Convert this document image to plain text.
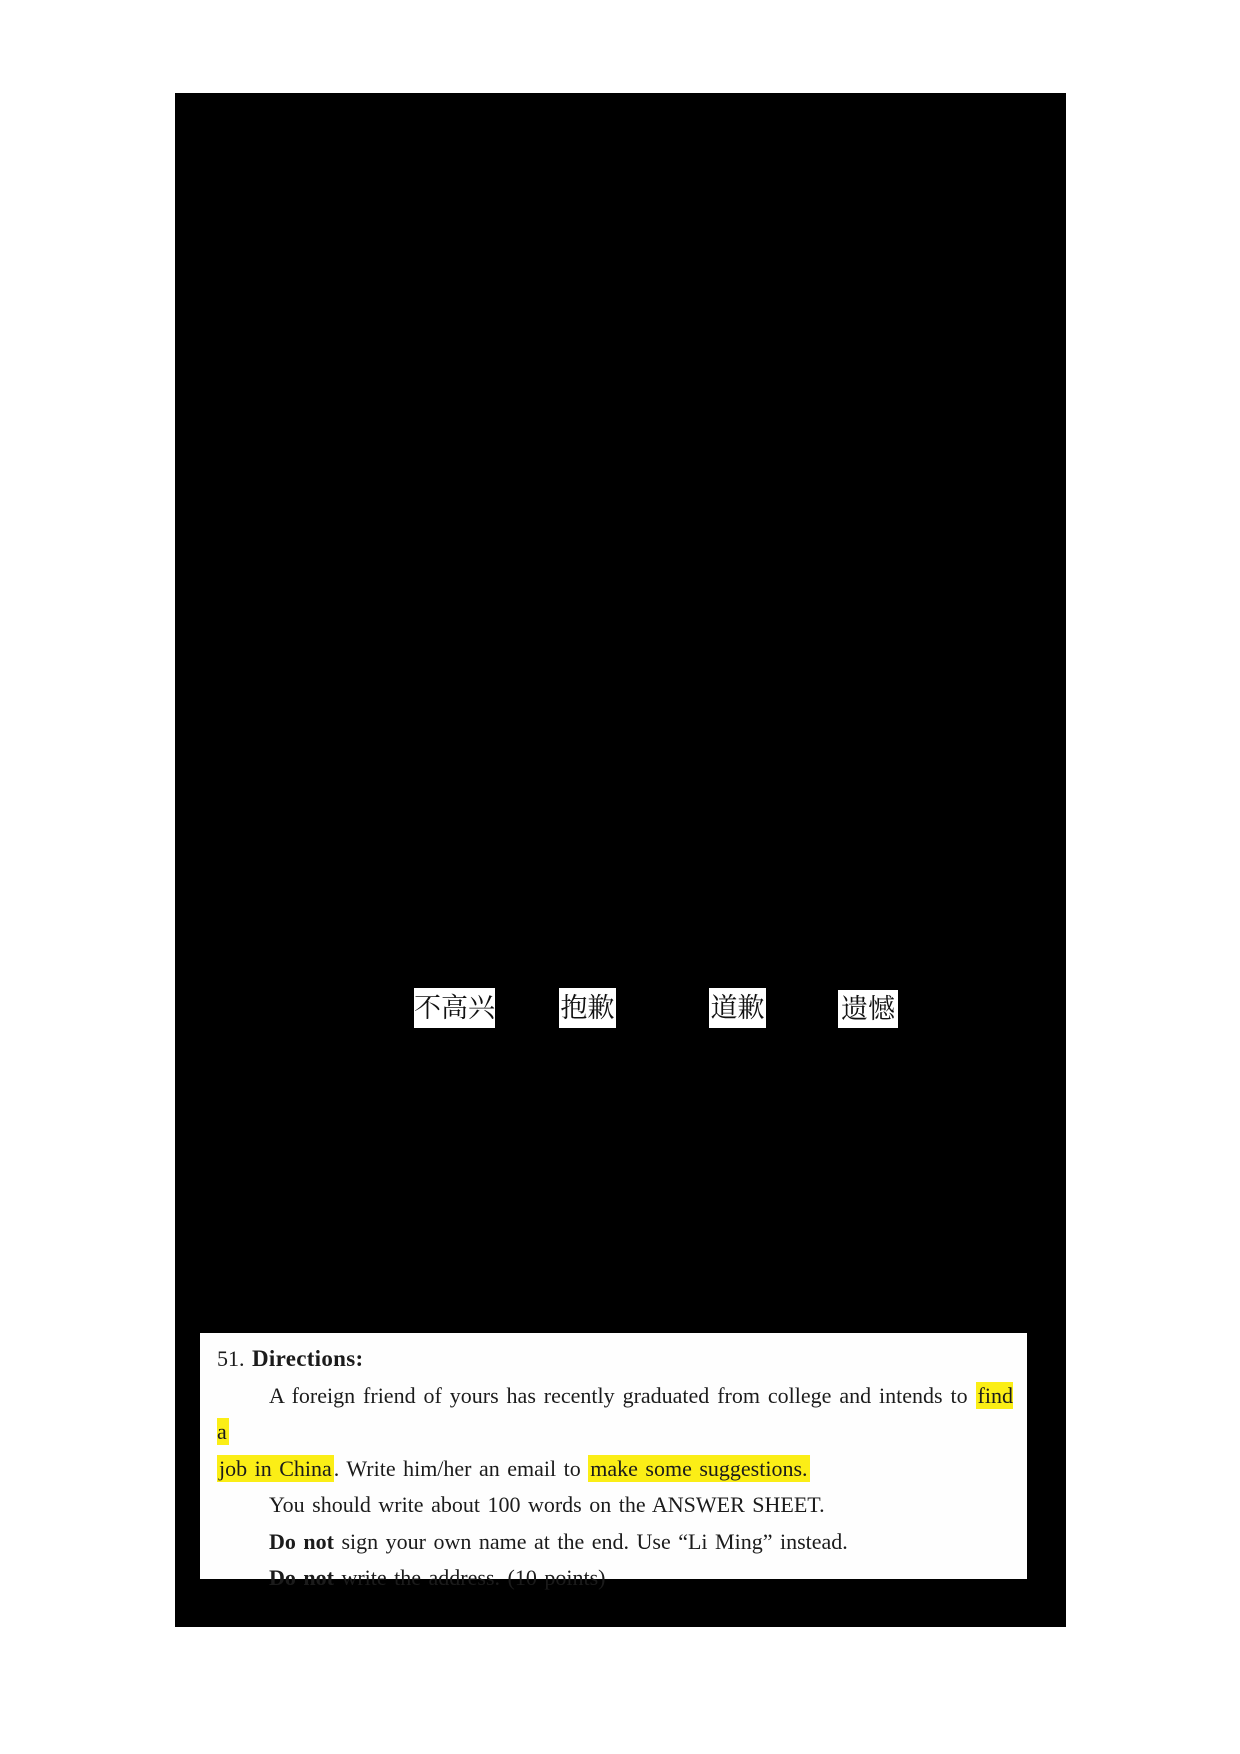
不高兴 抱歉	道歉	遗憾

51. Directions:

A foreign friend of yours has recently graduated from college and intends to find a

job in China. Write him/her an email to make some suggestions.

You should write about 100 words on the ANSWER SHEET.

Do not sign your own name at the end. Use “Li Ming” instead.

Do not write the address. (10 points)
